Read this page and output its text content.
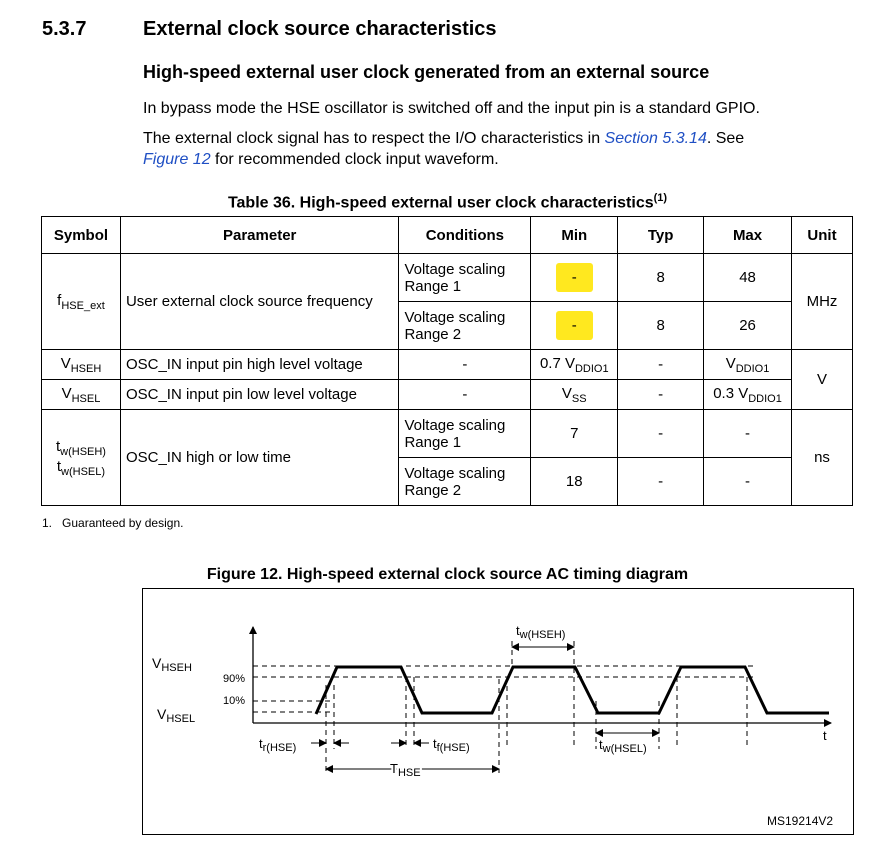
5.3.7	External clock source characteristics
High-speed external user clock generated from an external source
In bypass mode the HSE oscillator is switched off and the input pin is a standard GPIO.
The external clock signal has to respect the I/O characteristics in Section 5.3.14. See
Figure 12 for recommended clock input waveform.
Table 36. High-speed external user clock characteristics$^{(1)}$
Symbol	Parameter	Conditions	Min	Typ	Max	Unit
$f_{HSE\_ext}$	User external clock source frequency	Voltage scaling Range 1	-	8	48	MHz
		Voltage scaling Range 2	-	8	26	
$V_{HSEH}$	OSC_IN input pin high level voltage	-	0.7 $V_{DDIO1}$	-	$V_{DDIO1}$	V
$V_{HSEL}$	OSC_IN input pin low level voltage	-	$V_{SS}$	-	0.3 $V_{DDIO1}$
$t_{w(HSEH)}$
$t_{w(HSEL)}$	OSC_IN high or low time	Voltage scaling Range 1	7	-	-	ns
		Voltage scaling Range 2	18	-	-	
1. Guaranteed by design.
Figure 12. High-speed external clock source AC timing diagram
$V_{HSEH}$
90%
10%
$V_{HSEL}$
$t_{r(HSE)}$	$t_{f(HSE)}$
$T_{HSE}$
$t_{w(HSEH)}$
$t_{w(HSEL)}$
t
MS19214V2
